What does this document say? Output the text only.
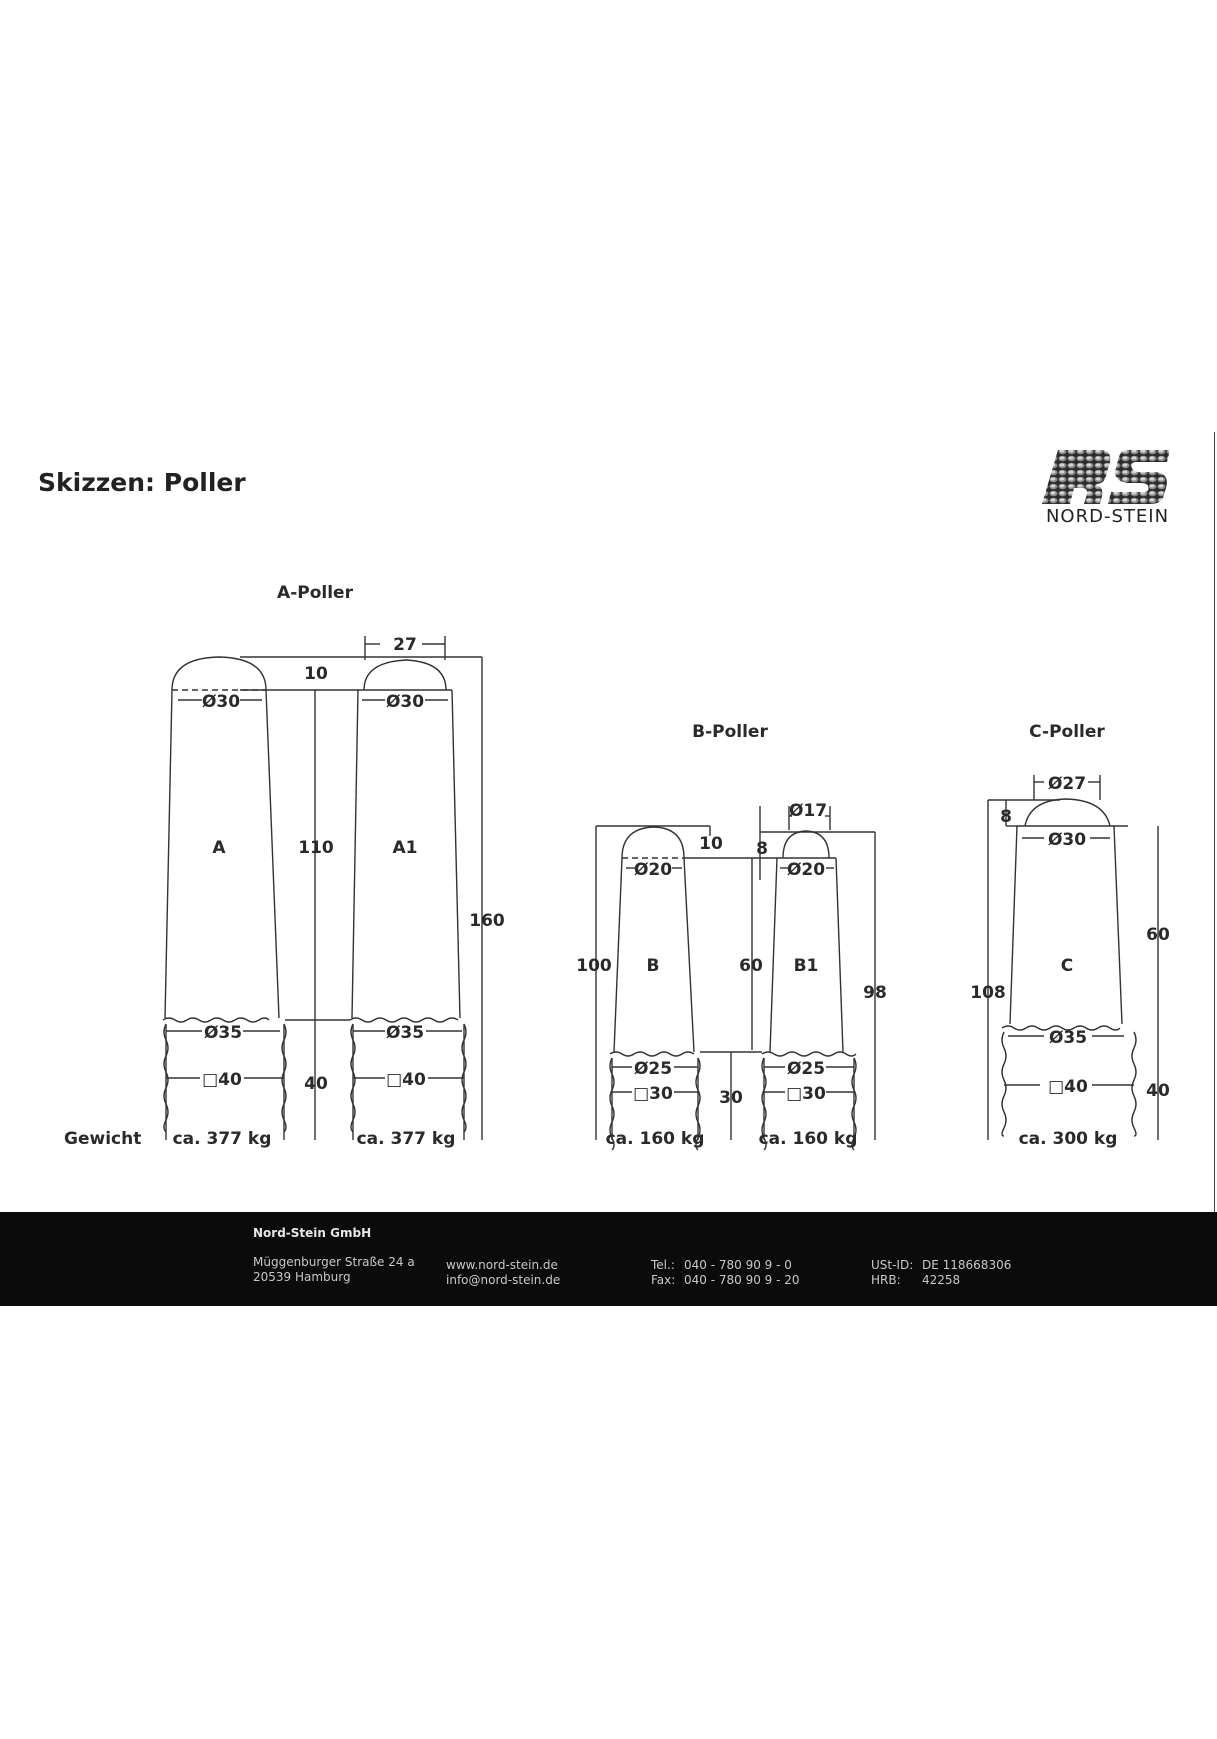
Skizzen: Poller
NORD-STEIN
A-Poller
B-Poller	C-Poller
A
Ø30
Ø35
□40
ca. 377 kg
A1
Ø30
27
Ø35
□40
ca. 377 kg
10
110
160
40
Gewicht
B
Ø20
Ø25
□30
ca. 160 kg
B1
Ø20
Ø17
Ø25
□30
ca. 160 kg
10
100
8
60
98
30
C
Ø30
Ø27
Ø35
□40
ca. 300 kg
8
108
60
40
Nord-Stein GmbH
Müggenburger Straße 24 a
20539 Hamburg
www.nord-stein.de
info@nord-stein.de
Tel.: 040 - 780 90 9 - 0
Fax: 040 - 780 90 9 - 20
USt-ID: DE 118668306
HRB: 42258
